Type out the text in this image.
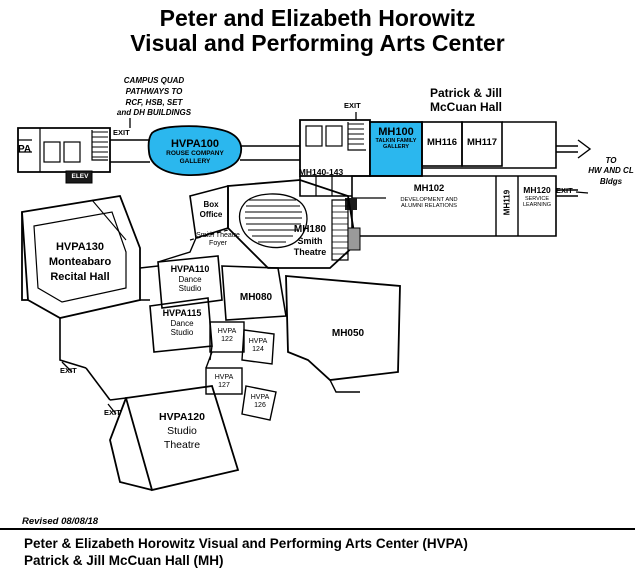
Peter and Elizabeth Horowitz
Visual and Performing Arts Center
CAMPUS QUAD
PATHWAYS TO
RCF, HSB, SET
and DH BUILDINGS
Patrick & Jill
McCuan Hall
TO
HW AND CL
Bldgs
EXIT
EXIT
EXIT
EXIT
EXIT
ELEV
PA	HVPA100
ROUSE COMPANY
GALLERY
MH100
TALKIN FAMILY
GALLERY	MH116	MH117
MH102
DEVELOPMENT AND
ALUMNI RELATIONS	MH119	MH120
SERVICE
LEARNING
MH140-143
HVPA130
Monteabaro
Recital Hall
HVPA110
Dance
Studio
HVPA115
Dance
Studio
MH080
HVPA
122	HVPA
124
HVPA
127
HVPA
126
MH050
MH180
Smith
Theatre
Box
Office
Smith Theatre
Foyer
HVPA120
Studio
Theatre
Revised 08/08/18
Peter & Elizabeth Horowitz Visual and Performing Arts Center (HVPA)
Patrick & Jill McCuan Hall (MH)
